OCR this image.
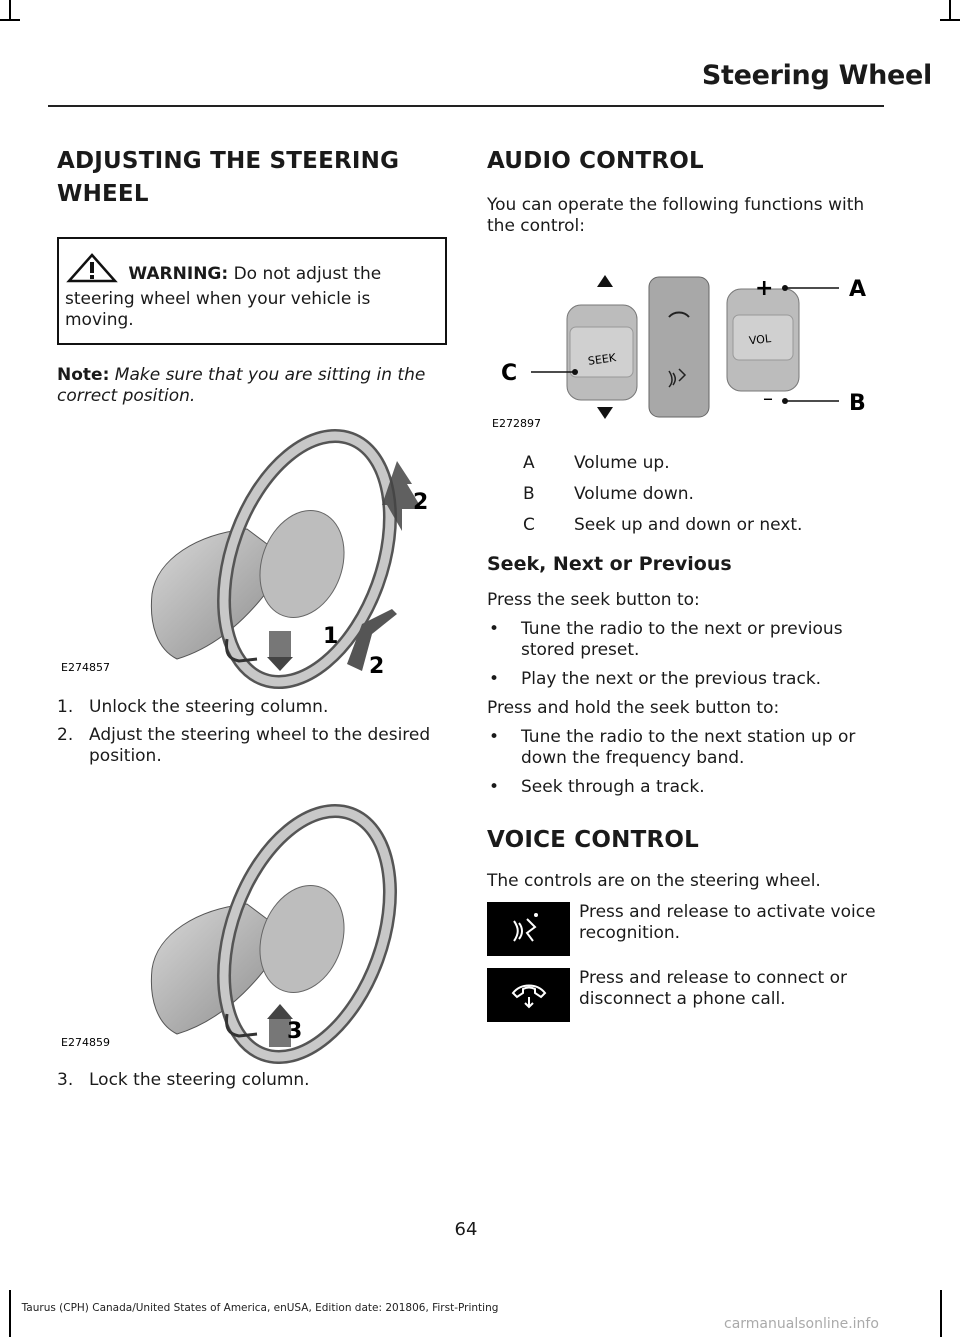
Steering Wheel
ADJUSTING THE STEERING
WHEEL

WARNING: Do not adjust the steering wheel when your vehicle is moving.

Note: Make sure that you are sitting in the correct position.

2
1
2
E274857
1. Unlock the steering column.
2. Adjust the steering wheel to the desired position.
3
E274859
3. Lock the steering column.
AUDIO CONTROL

You can operate the following functions with the control:

SEEK
VOL
+	A
–	B
C
E272897
A	Volume up.
B	Volume down.
C	Seek up and down or next.
Seek, Next or Previous

Press the seek button to:

•	Tune the radio to the next or previous stored preset.
•	Play the next or the previous track.

Press and hold the seek button to:

•	Tune the radio to the next station up or down the frequency band.
•	Seek through a track.
VOICE CONTROL

The controls are on the steering wheel.

Press and release to activate voice recognition.

Press and release to connect or disconnect a phone call.

64
Taurus (CPH) Canada/United States of America, enUSA, Edition date: 201806, First-Printing
carmanualsonline.info
